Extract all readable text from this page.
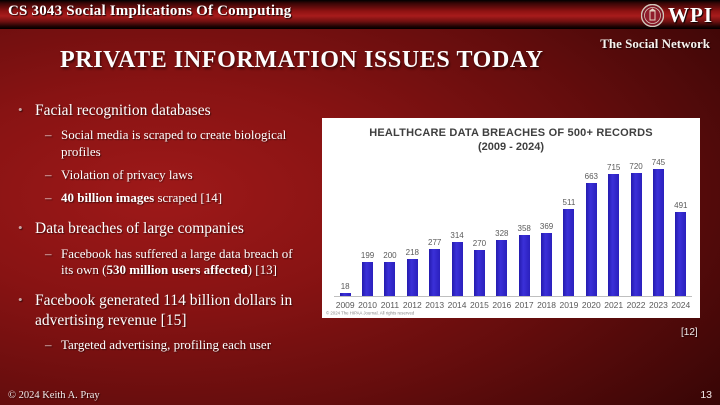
CS 3043 Social Implications Of Computing	WPI
The Social Network
PRIVATE INFORMATION ISSUES TODAY
• Facial recognition databases
– Social media is scraped to create biological profiles
– Violation of privacy laws
– 40 billion images scraped [14]
• Data breaches of large companies
– Facebook has suffered a large data breach of its own (530 million users affected) [13]
• Facebook generated 114 billion dollars in advertising revenue [15]
– Targeted advertising, profiling each user
HEALTHCARE DATA BREACHES OF 500+ RECORDS
(2009 - 2024)
18
199 200 218
277
314
270
328
358 369
511
663
715 720 745
491
2009 2010 2011 2012 2013 2014 2015 2016 2017 2018 2019 2020 2021 2022 2023 2024
© 2024 The HIPAA Journal. All rights reserved
[12]
© 2024 Keith A. Pray	13
